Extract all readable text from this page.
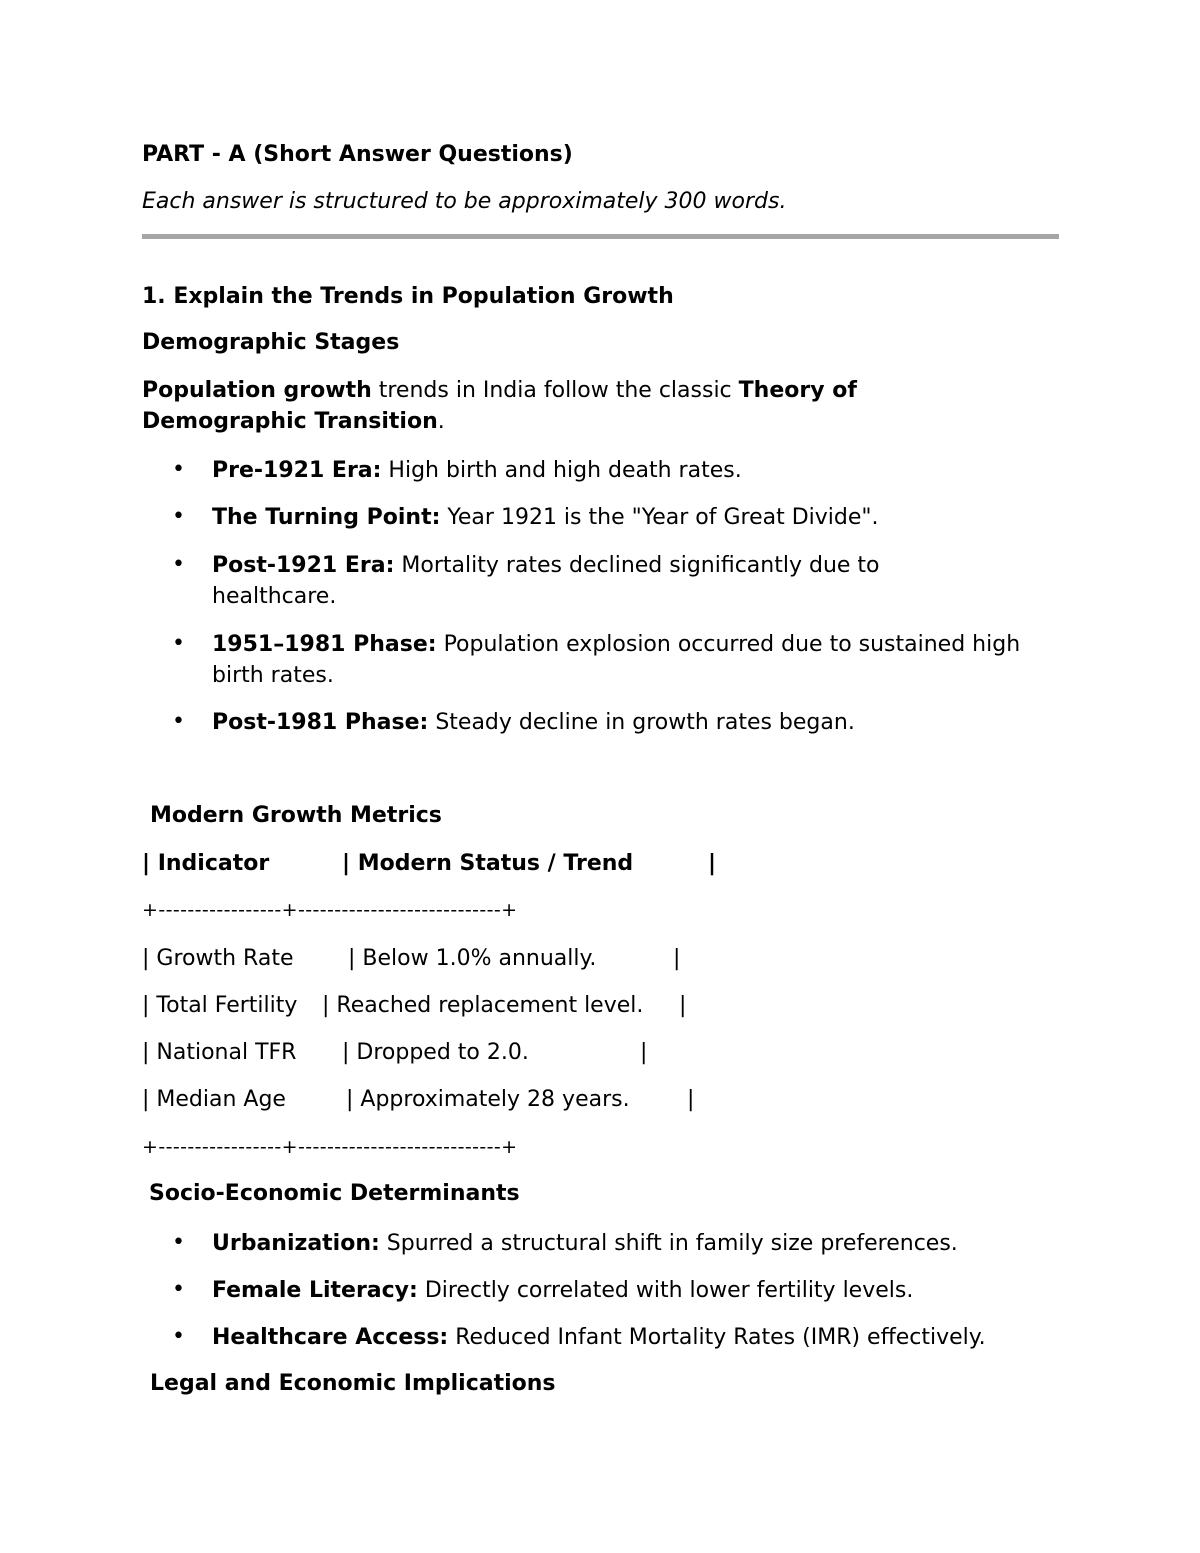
PART - A (Short Answer Questions)
Each answer is structured to be approximately 300 words.
1. Explain the Trends in Population Growth
Demographic Stages
Population growth trends in India follow the classic Theory of
Demographic Transition.
• Pre-1921 Era: High birth and high death rates.
• The Turning Point: Year 1921 is the "Year of Great Divide".
• Post-1921 Era: Mortality rates declined significantly due to healthcare.
• 1951–1981 Phase: Population explosion occurred due to sustained high birth rates.
• Post-1981 Phase: Steady decline in growth rates began.
Modern Growth Metrics
| Indicator	| Modern Status / Trend	|
+-----------------+----------------------------+
| Growth Rate | Below 1.0% annually.	|
| Total Fertility | Reached replacement level. |
| National TFR | Dropped to 2.0.	|
| Median Age	| Approximately 28 years.	|
+-----------------+----------------------------+
Socio-Economic Determinants
• Urbanization: Spurred a structural shift in family size preferences.
• Female Literacy: Directly correlated with lower fertility levels.
• Healthcare Access: Reduced Infant Mortality Rates (IMR) effectively.
Legal and Economic Implications
